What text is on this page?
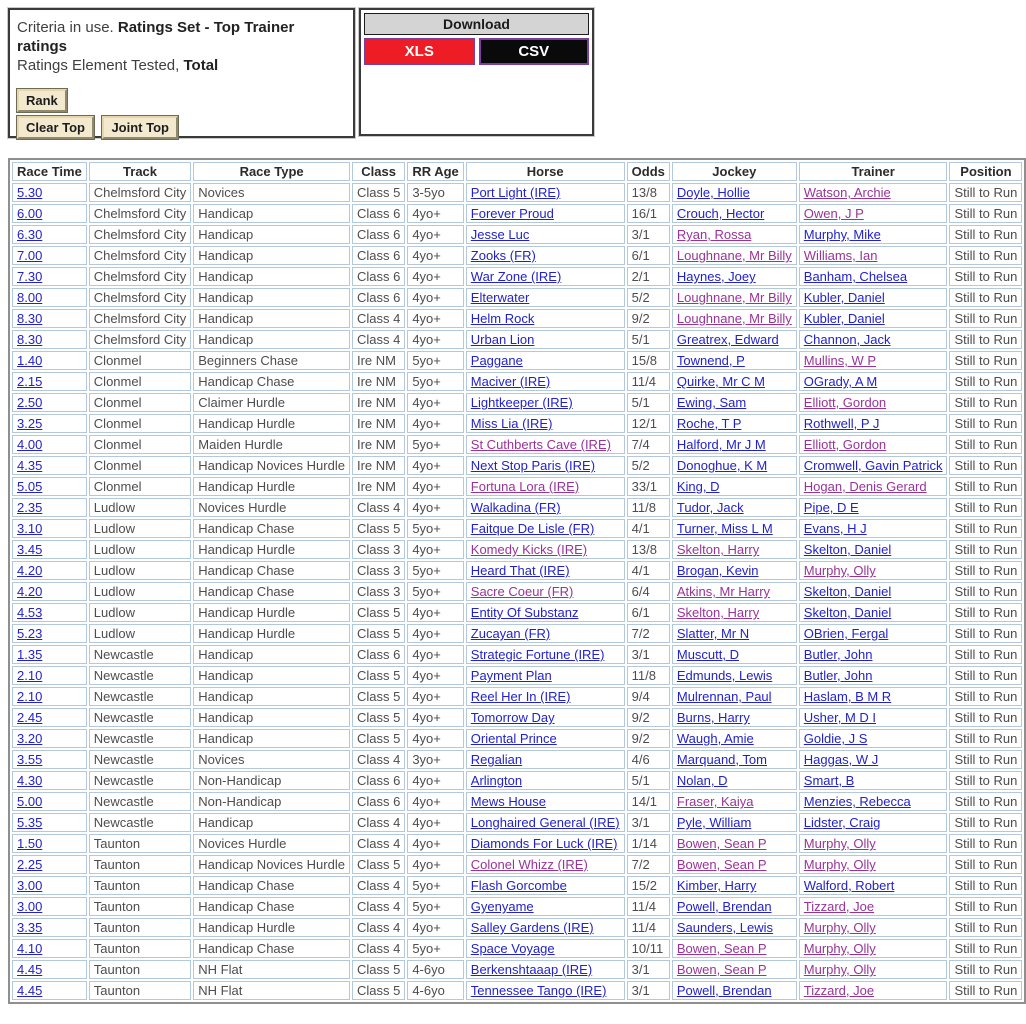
Criteria in use. Ratings Set - Top Trainer ratings
Ratings Element Tested, Total
Rank
Clear Top Joint Top
Download
XLS	CSV
Race Time	Track	Race Type	Class	RR Age	Horse	Odds	Jockey	Trainer	Position
5.30	Chelmsford City	Novices	Class 5	3-5yo	Port Light (IRE)	13/8	Doyle, Hollie	Watson, Archie	Still to Run
6.00	Chelmsford City	Handicap	Class 6	4yo+	Forever Proud	16/1	Crouch, Hector	Owen, J P	Still to Run
6.30	Chelmsford City	Handicap	Class 6	4yo+	Jesse Luc	3/1	Ryan, Rossa	Murphy, Mike	Still to Run
7.00	Chelmsford City	Handicap	Class 6	4yo+	Zooks (FR)	6/1	Loughnane, Mr Billy	Williams, Ian	Still to Run
7.30	Chelmsford City	Handicap	Class 6	4yo+	War Zone (IRE)	2/1	Haynes, Joey	Banham, Chelsea	Still to Run
8.00	Chelmsford City	Handicap	Class 6	4yo+	Elterwater	5/2	Loughnane, Mr Billy	Kubler, Daniel	Still to Run
8.30	Chelmsford City	Handicap	Class 4	4yo+	Helm Rock	9/2	Loughnane, Mr Billy	Kubler, Daniel	Still to Run
8.30	Chelmsford City	Handicap	Class 4	4yo+	Urban Lion	5/1	Greatrex, Edward	Channon, Jack	Still to Run
1.40	Clonmel	Beginners Chase	Ire NM	5yo+	Paggane	15/8	Townend, P	Mullins, W P	Still to Run
2.15	Clonmel	Handicap Chase	Ire NM	5yo+	Maciver (IRE)	11/4	Quirke, Mr C M	OGrady, A M	Still to Run
2.50	Clonmel	Claimer Hurdle	Ire NM	4yo+	Lightkeeper (IRE)	5/1	Ewing, Sam	Elliott, Gordon	Still to Run
3.25	Clonmel	Handicap Hurdle	Ire NM	4yo+	Miss Lia (IRE)	12/1	Roche, T P	Rothwell, P J	Still to Run
4.00	Clonmel	Maiden Hurdle	Ire NM	5yo+	St Cuthberts Cave (IRE)	7/4	Halford, Mr J M	Elliott, Gordon	Still to Run
4.35	Clonmel	Handicap Novices Hurdle	Ire NM	4yo+	Next Stop Paris (IRE)	5/2	Donoghue, K M	Cromwell, Gavin Patrick	Still to Run
5.05	Clonmel	Handicap Hurdle	Ire NM	4yo+	Fortuna Lora (IRE)	33/1	King, D	Hogan, Denis Gerard	Still to Run
2.35	Ludlow	Novices Hurdle	Class 4	4yo+	Walkadina (FR)	11/8	Tudor, Jack	Pipe, D E	Still to Run
3.10	Ludlow	Handicap Chase	Class 5	5yo+	Faitque De Lisle (FR)	4/1	Turner, Miss L M	Evans, H J	Still to Run
3.45	Ludlow	Handicap Hurdle	Class 3	4yo+	Komedy Kicks (IRE)	13/8	Skelton, Harry	Skelton, Daniel	Still to Run
4.20	Ludlow	Handicap Chase	Class 3	5yo+	Heard That (IRE)	4/1	Brogan, Kevin	Murphy, Olly	Still to Run
4.20	Ludlow	Handicap Chase	Class 3	5yo+	Sacre Coeur (FR)	6/4	Atkins, Mr Harry	Skelton, Daniel	Still to Run
4.53	Ludlow	Handicap Hurdle	Class 5	4yo+	Entity Of Substanz	6/1	Skelton, Harry	Skelton, Daniel	Still to Run
5.23	Ludlow	Handicap Hurdle	Class 5	4yo+	Zucayan (FR)	7/2	Slatter, Mr N	OBrien, Fergal	Still to Run
1.35	Newcastle	Handicap	Class 6	4yo+	Strategic Fortune (IRE)	3/1	Muscutt, D	Butler, John	Still to Run
2.10	Newcastle	Handicap	Class 5	4yo+	Payment Plan	11/8	Edmunds, Lewis	Butler, John	Still to Run
2.10	Newcastle	Handicap	Class 5	4yo+	Reel Her In (IRE)	9/4	Mulrennan, Paul	Haslam, B M R	Still to Run
2.45	Newcastle	Handicap	Class 5	4yo+	Tomorrow Day	9/2	Burns, Harry	Usher, M D I	Still to Run
3.20	Newcastle	Handicap	Class 5	4yo+	Oriental Prince	9/2	Waugh, Amie	Goldie, J S	Still to Run
3.55	Newcastle	Novices	Class 4	3yo+	Regalian	4/6	Marquand, Tom	Haggas, W J	Still to Run
4.30	Newcastle	Non-Handicap	Class 6	4yo+	Arlington	5/1	Nolan, D	Smart, B	Still to Run
5.00	Newcastle	Non-Handicap	Class 6	4yo+	Mews House	14/1	Fraser, Kaiya	Menzies, Rebecca	Still to Run
5.35	Newcastle	Handicap	Class 4	4yo+	Longhaired General (IRE)	3/1	Pyle, William	Lidster, Craig	Still to Run
1.50	Taunton	Novices Hurdle	Class 4	4yo+	Diamonds For Luck (IRE)	1/14	Bowen, Sean P	Murphy, Olly	Still to Run
2.25	Taunton	Handicap Novices Hurdle	Class 5	4yo+	Colonel Whizz (IRE)	7/2	Bowen, Sean P	Murphy, Olly	Still to Run
3.00	Taunton	Handicap Chase	Class 4	5yo+	Flash Gorcombe	15/2	Kimber, Harry	Walford, Robert	Still to Run
3.00	Taunton	Handicap Chase	Class 4	5yo+	Gyenyame	11/4	Powell, Brendan	Tizzard, Joe	Still to Run
3.35	Taunton	Handicap Hurdle	Class 4	4yo+	Salley Gardens (IRE)	11/4	Saunders, Lewis	Murphy, Olly	Still to Run
4.10	Taunton	Handicap Chase	Class 4	5yo+	Space Voyage	10/11	Bowen, Sean P	Murphy, Olly	Still to Run
4.45	Taunton	NH Flat	Class 5	4-6yo	Berkenshtaaap (IRE)	3/1	Bowen, Sean P	Murphy, Olly	Still to Run
4.45	Taunton	NH Flat	Class 5	4-6yo	Tennessee Tango (IRE)	3/1	Powell, Brendan	Tizzard, Joe	Still to Run
